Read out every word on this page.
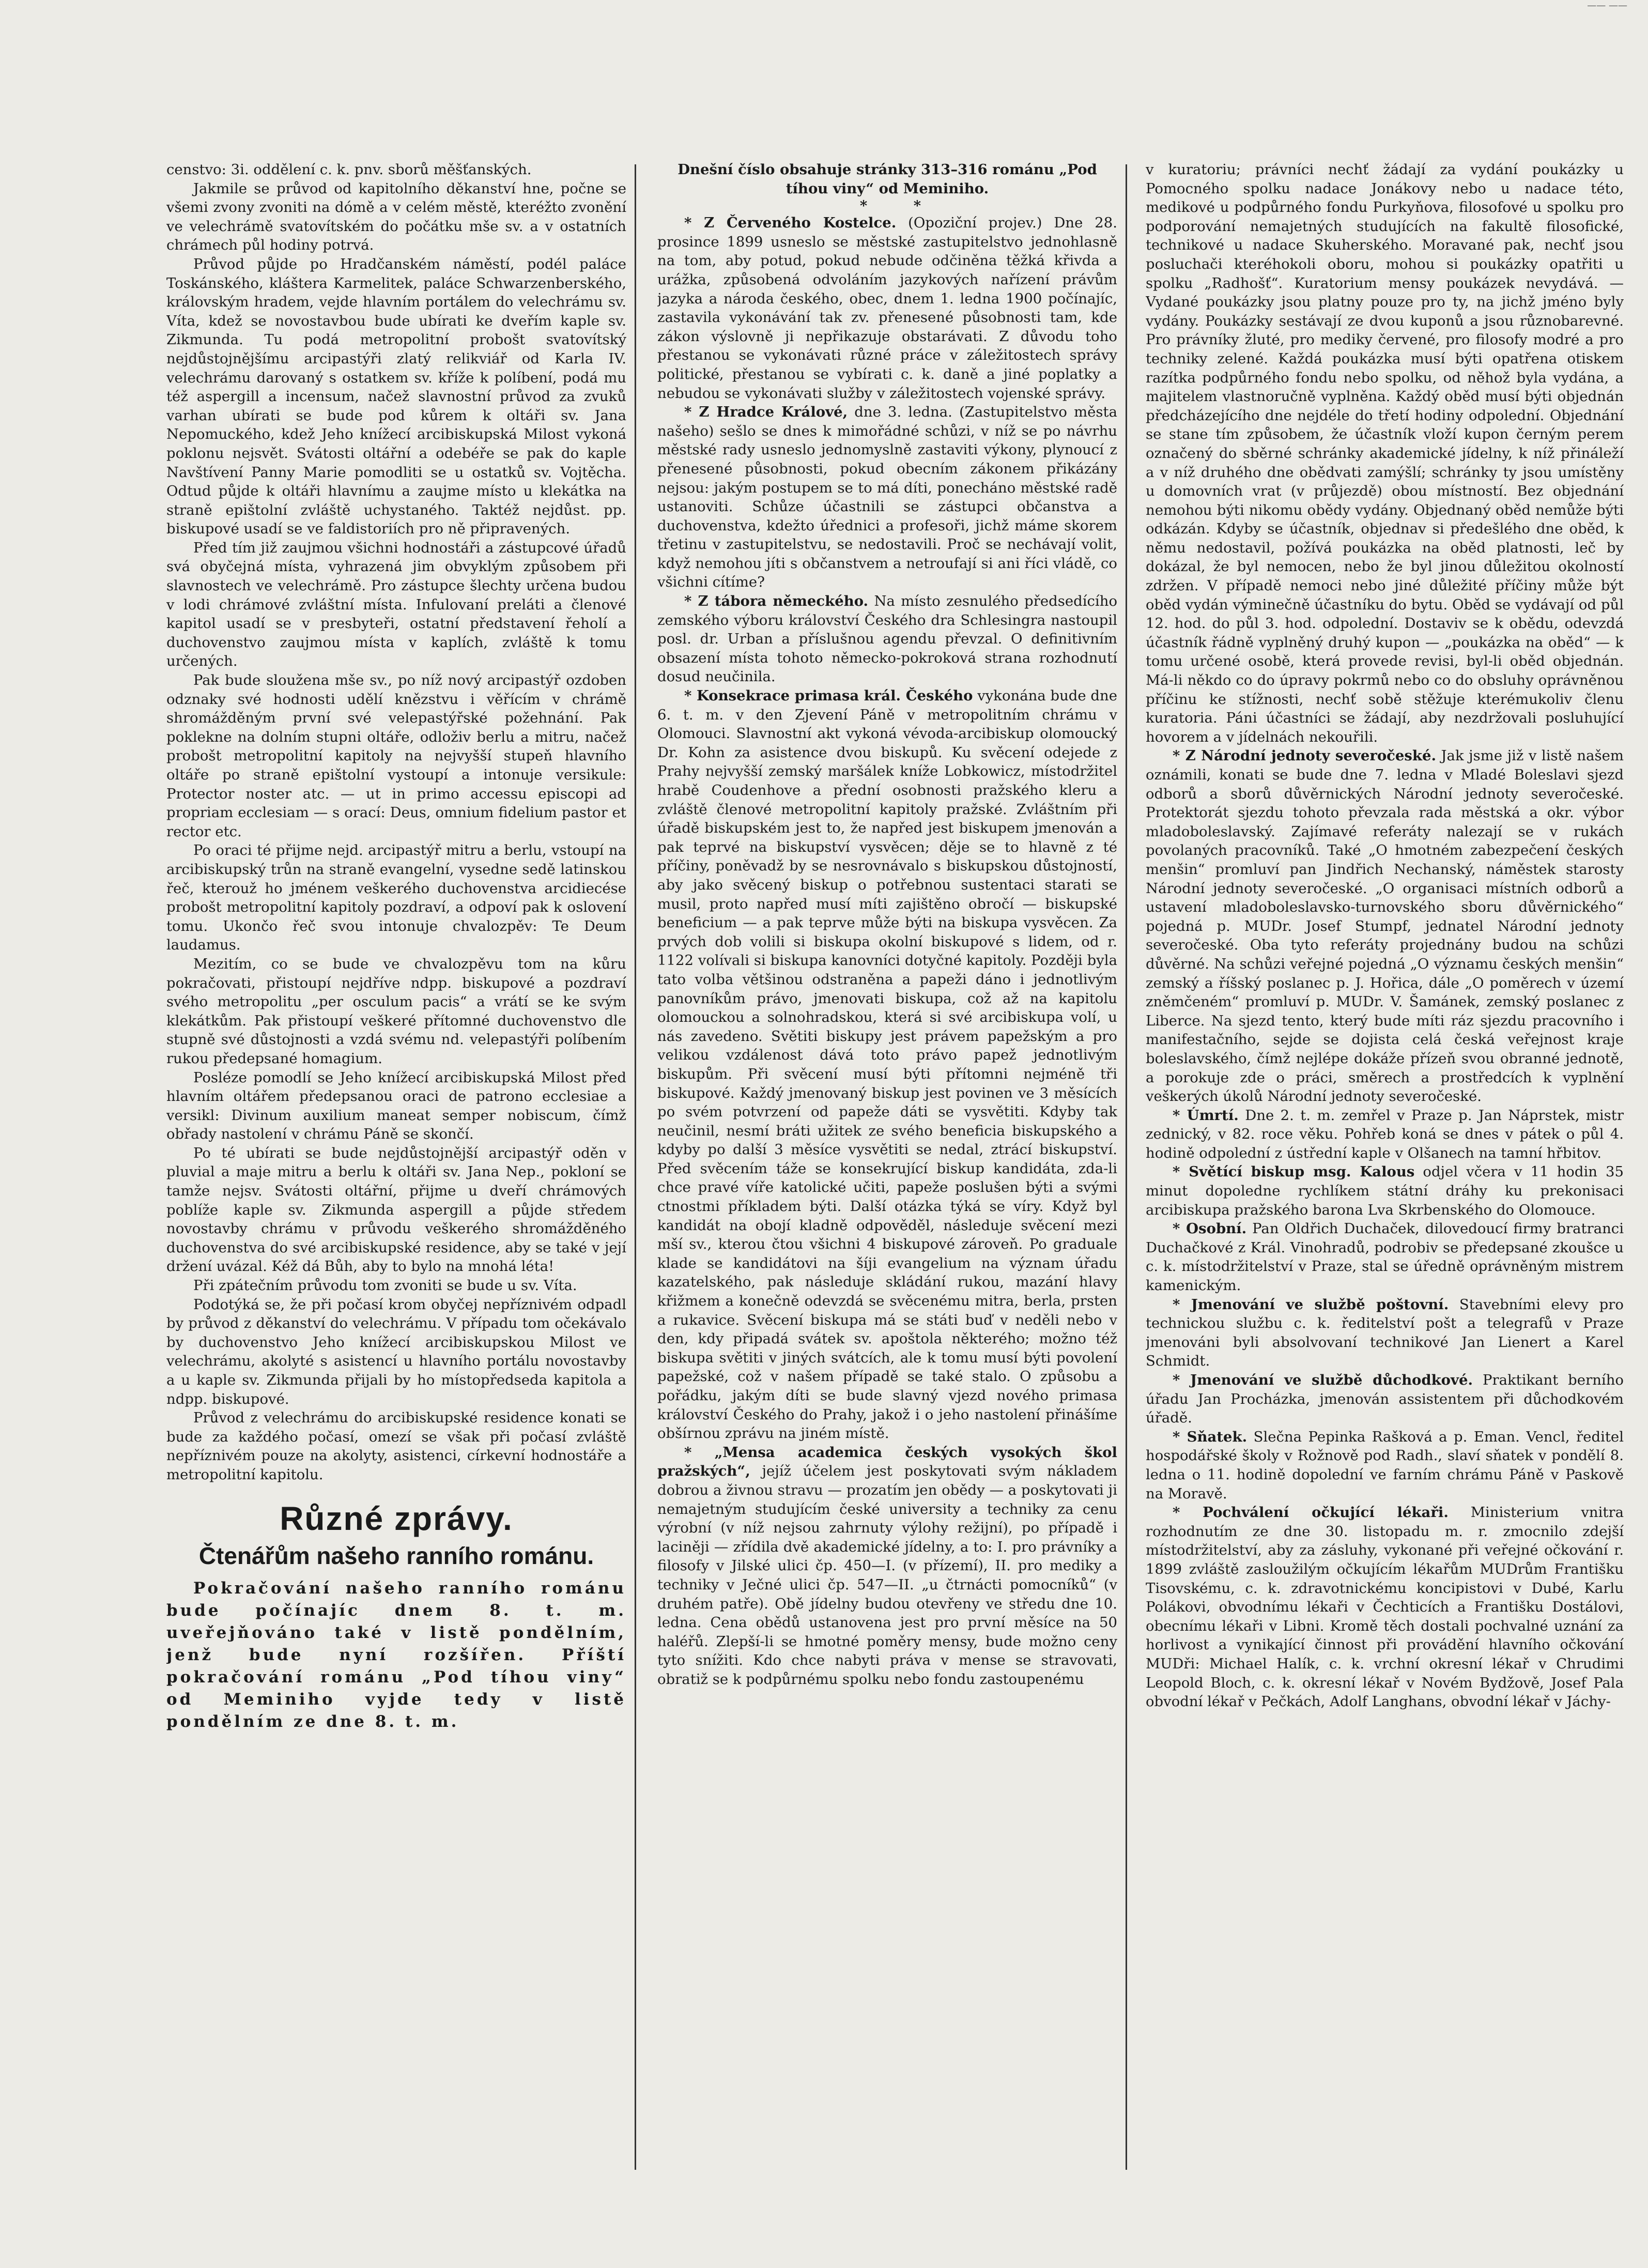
—— ——

censtvo: 3i. oddělení c. k. pnv. sborů měšťanských.

Jakmile se průvod od kapitolního děkanství hne, počne se všemi zvony zvoniti na dómě a v celém městě, kteréžto zvonění ve velechrámě svatovítském do počátku mše sv. a v ostatních chrámech půl hodiny potrvá.

Průvod půjde po Hradčanském náměstí, podél paláce Toskánského, kláštera Karmelitek, paláce Schwarzenberského, královským hradem, vejde hlavním portálem do velechrámu sv. Víta, kdež se novostavbou bude ubírati ke dveřím kaple sv. Zikmunda. Tu podá metropolitní probošt svatovítský nejdůstojnějšímu arcipastýři zlatý relikviář od Karla IV. velechrámu darovaný s ostatkem sv. kříže k políbení, podá mu též aspergill a incensum, načež slavnostní průvod za zvuků varhan ubírati se bude pod kůrem k oltáři sv. Jana Nepomuckého, kdež Jeho knížecí arcibiskupská Milost vykoná poklonu nejsvět. Svátosti oltářní a odebéře se pak do kaple Navštívení Panny Marie pomodliti se u ostatků sv. Vojtěcha. Odtud půjde k oltáři hlavnímu a zaujme místo u klekátka na straně epištolní zvláště uchystaného. Taktéž nejdůst. pp. biskupové usadí se ve faldistoriích pro ně připravených.

Před tím již zaujmou všichni hodnostáři a zástupcové úřadů svá obyčejná místa, vyhrazená jim obvyklým způsobem při slavnostech ve velechrámě. Pro zástupce šlechty určena budou v lodi chrámové zvláštní místa. Infulovaní preláti a členové kapitol usadí se v presbyteři, ostatní představení řeholí a duchovenstvo zaujmou místa v kaplích, zvláště k tomu určených.

Pak bude sloužena mše sv., po níž nový arcipastýř ozdoben odznaky své hodnosti udělí knězstvu i věřícím v chrámě shromážděným první své velepastýřské požehnání. Pak poklekne na dolním stupni oltáře, odloživ berlu a mitru, načež probošt metropolitní kapitoly na nejvyšší stupeň hlavního oltáře po straně epištolní vystoupí a intonuje versikule: Protector noster atc. — ut in primo accessu episcopi ad propriam ecclesiam — s orací: Deus, omnium fidelium pastor et rector etc.

Po oraci té přijme nejd. arcipastýř mitru a berlu, vstoupí na arcibiskupský trůn na straně evangelní, vysedne sedě latinskou řeč, kterouž ho jménem veškerého duchovenstva arcidiecése probošt metropolitní kapitoly pozdraví, a odpoví pak k oslovení tomu. Ukončo řeč svou intonuje chvalozpěv: Te Deum laudamus.

Mezitím, co se bude ve chvalozpěvu tom na kůru pokračovati, přistoupí nejdříve ndpp. biskupové a pozdraví svého metropolitu „per osculum pacis“ a vrátí se ke svým klekátkům. Pak přistoupí veškeré přítomné duchovenstvo dle stupně své důstojnosti a vzdá svému nd. velepastýři políbením rukou předepsané homagium.

Posléze pomodlí se Jeho knížecí arcibiskupská Milost před hlavním oltářem předepsanou oraci de patrono ecclesiae a versikl: Divinum auxilium maneat semper nobiscum, čímž obřady nastolení v chrámu Páně se skončí.

Po té ubírati se bude nejdůstojnější arcipastýř oděn v pluvial a maje mitru a berlu k oltáři sv. Jana Nep., pokloní se tamže nejsv. Svátosti oltářní, přijme u dveří chrámových poblíže kaple sv. Zikmunda aspergill a půjde středem novostavby chrámu v průvodu veškerého shromážděného duchovenstva do své arcibiskupské residence, aby se také v její držení uvázal. Kéž dá Bůh, aby to bylo na mnohá léta!

Při zpátečním průvodu tom zvoniti se bude u sv. Víta.

Podotýká se, že při počasí krom obyčej nepříznivém odpadl by průvod z děkanství do velechrámu. V případu tom očekávalo by duchovenstvo Jeho knížecí arcibiskupskou Milost ve velechrámu, akolyté s asistencí u hlavního portálu novostavby a u kaple sv. Zikmunda přijali by ho místopředseda kapitola a ndpp. biskupové.

Průvod z velechrámu do arcibiskupské residence konati se bude za každého počasí, omezí se však při počasí zvláště nepříznivém pouze na akolyty, asistenci, církevní hodnostáře a metropolitní kapitolu.

Různé zprávy.
Čtenářům našeho ranního románu.

Pokračování našeho ranního románu bude počínajíc dnem 8. t. m. uveřejňováno také v listě pondělním, jenž bude nyní rozšířen. Příští pokračování románu „Pod tíhou viny“ od Meminiho vyjde tedy v listě pondělním ze dne 8. t. m.

Dnešní číslo obsahuje stránky 313–316 románu „Pod tíhou viny“ od Meminiho.

* *

* Z Červeného Kostelce. (Opoziční projev.) Dne 28. prosince 1899 usneslo se městské zastupitelstvo jednohlasně na tom, aby potud, pokud nebude odčiněna těžká křivda a urážka, způsobená odvoláním jazykových nařízení právům jazyka a národa českého, obec, dnem 1. ledna 1900 počínajíc, zastavila vykonávání tak zv. přenesené působnosti tam, kde zákon výslovně ji nepřikazuje obstarávati. Z důvodu toho přestanou se vykonávati různé práce v záležitostech správy politické, přestanou se vybírati c. k. daně a jiné poplatky a nebudou se vykonávati služby v záležitostech vojenské správy.

* Z Hradce Králové, dne 3. ledna. (Zastupitelstvo města našeho) sešlo se dnes k mimořádné schůzi, v níž se po návrhu městské rady usneslo jednomyslně zastaviti výkony, plynoucí z přenesené působnosti, pokud obecním zákonem přikázány nejsou: jakým postupem se to má díti, ponecháno městské radě ustanoviti. Schůze účastnili se zástupci občanstva a duchovenstva, kdežto úřednici a profesoři, jichž máme skorem třetinu v zastupitelstvu, se nedostavili. Proč se nechávají volit, když nemohou jíti s občanstvem a netroufají si ani říci vládě, co všichni cítíme?

* Z tábora německého. Na místo zesnulého předsedícího zemského výboru království Českého dra Schlesingra nastoupil posl. dr. Urban a příslušnou agendu převzal. O definitivním obsazení místa tohoto německo-pokroková strana rozhodnutí dosud neučinila.

* Konsekrace primasa král. Českého vykonána bude dne 6. t. m. v den Zjevení Páně v metropolitním chrámu v Olomouci. Slavnostní akt vykoná vévoda-arcibiskup olomoucký Dr. Kohn za asistence dvou biskupů. Ku svěcení odejede z Prahy nejvyšší zemský maršálek kníže Lobkowicz, místodržitel hrabě Coudenhove a přední osobnosti pražského kleru a zvláště členové metropolitní kapitoly pražské. Zvláštním při úřadě biskupském jest to, že napřed jest biskupem jmenován a pak teprvé na biskupství vysvěcen; děje se to hlavně z té příčiny, poněvadž by se nesrovnávalo s biskupskou důstojností, aby jako svěcený biskup o potřebnou sustentaci starati se musil, proto napřed musí míti zajištěno obročí — biskupské beneficium — a pak teprve může býti na biskupa vysvěcen. Za prvých dob volili si biskupa okolní biskupové s lidem, od r. 1122 volívali si biskupa kanovníci dotyčné kapitoly. Později byla tato volba většinou odstraněna a papeži dáno i jednotlivým panovníkům právo, jmenovati biskupa, což až na kapitolu olomouckou a solnohradskou, která si své arcibiskupa volí, u nás zavedeno. Světiti biskupy jest právem papežským a pro velikou vzdálenost dává toto právo papež jednotlivým biskupům. Při svěcení musí býti přítomni nejméně tři biskupové. Každý jmenovaný biskup jest povinen ve 3 měsících po svém potvrzení od papeže dáti se vysvětiti. Kdyby tak neučinil, nesmí bráti užitek ze svého beneficia biskupského a kdyby po další 3 měsíce vysvětiti se nedal, ztrácí biskupství. Před svěcením táže se konsekrující biskup kandidáta, zda-li chce pravé víře katolické učiti, papeže poslušen býti a svými ctnostmi příkladem býti. Další otázka týká se víry. Když byl kandidát na obojí kladně odpověděl, následuje svěcení mezi mší sv., kterou čtou všichni 4 biskupové zároveň. Po graduale klade se kandidátovi na šíji evangelium na význam úřadu kazatelského, pak následuje skládání rukou, mazání hlavy křižmem a konečně odevzdá se svěcenému mitra, berla, prsten a rukavice. Svěcení biskupa má se státi buď v neděli nebo v den, kdy připadá svátek sv. apoštola některého; možno též biskupa světiti v jiných svátcích, ale k tomu musí býti povolení papežské, což v našem případě se také stalo. O způsobu a pořádku, jakým díti se bude slavný vjezd nového primasa království Českého do Prahy, jakož i o jeho nastolení přinášíme obšírnou zprávu na jiném místě.

* „Mensa academica českých vysokých škol pražských“, jejíž účelem jest poskytovati svým nákladem dobrou a živnou stravu — prozatím jen obědy — a poskytovati ji nemajetným studujícím české university a techniky za cenu výrobní (v níž nejsou zahrnuty výlohy režijní), po případě i laciněji — zřídila dvě akademické jídelny, a to: I. pro právníky a filosofy v Jilské ulici čp. 450—I. (v přízemí), II. pro mediky a techniky v Ječné ulici čp. 547—II. „u čtrnácti pomocníků“ (v druhém patře). Obě jídelny budou otevřeny ve středu dne 10. ledna. Cena obědů ustanovena jest pro první měsíce na 50 haléřů. Zlepší-li se hmotné poměry mensy, bude možno ceny tyto snížiti. Kdo chce nabyti práva v mense se stravovati, obratiž se k podpůrnému spolku nebo fondu zastoupenému

v kuratoriu; právníci nechť žádají za vydání poukázky u Pomocného spolku nadace Jonákovy nebo u nadace této, medikové u podpůrného fondu Purkyňova, filosofové u spolku pro podporování nemajetných studujících na fakultě filosofické, technikové u nadace Skuherského. Moravané pak, nechť jsou posluchači kteréhokoli oboru, mohou si poukázky opatřiti u spolku „Radhošť“. Kuratorium mensy poukázek nevydává. — Vydané poukázky jsou platny pouze pro ty, na jichž jméno byly vydány. Poukázky sestávají ze dvou kuponů a jsou různobarevné. Pro právníky žluté, pro mediky červené, pro filosofy modré a pro techniky zelené. Každá poukázka musí býti opatřena otiskem razítka podpůrného fondu nebo spolku, od něhož byla vydána, a majitelem vlastnoručně vyplněna. Každý oběd musí býti objednán předcházejícího dne nejdéle do třetí hodiny odpolední. Objednání se stane tím způsobem, že účastník vloží kupon černým perem označený do sběrné schránky akademické jídelny, k níž přináleží a v níž druhého dne obědvati zamýšlí; schránky ty jsou umístěny u domovních vrat (v průjezdě) obou místností. Bez objednání nemohou býti nikomu obědy vydány. Objednaný oběd nemůže býti odkázán. Kdyby se účastník, objednav si předešlého dne oběd, k němu nedostavil, požívá poukázka na oběd platnosti, leč by dokázal, že byl nemocen, nebo že byl jinou důležitou okolností zdržen. V případě nemoci nebo jiné důležité příčiny může být oběd vydán výminečně účastníku do bytu. Oběd se vydávají od půl 12. hod. do půl 3. hod. odpolední. Dostaviv se k obědu, odevzdá účastník řádně vyplněný druhý kupon — „poukázka na oběd“ — k tomu určené osobě, která provede revisi, byl-li oběd objednán. Má-li někdo co do úpravy pokrmů nebo co do obsluhy oprávněnou příčinu ke stížnosti, nechť sobě stěžuje kterémukoliv členu kuratoria. Páni účastníci se žádají, aby nezdržovali posluhující hovorem a v jídelnách nekouřili.

* Z Národní jednoty severočeské. Jak jsme již v listě našem oznámili, konati se bude dne 7. ledna v Mladé Boleslavi sjezd odborů a sborů důvěrnických Národní jednoty severočeské. Protektorát sjezdu tohoto převzala rada městská a okr. výbor mladoboleslavský. Zajímavé referáty nalezají se v rukách povolaných pracovníků. Také „O hmotném zabezpečení českých menšin“ promluví pan Jindřich Nechanský, náměstek starosty Národní jednoty severočeské. „O organisaci místních odborů a ustavení mladoboleslavsko-turnovského sboru důvěrnického“ pojedná p. MUDr. Josef Stumpf, jednatel Národní jednoty severočeské. Oba tyto referáty projednány budou na schůzi důvěrné. Na schůzi veřejné pojedná „O významu českých menšin“ zemský a říšský poslanec p. J. Hořica, dále „O poměrech v území zněmčeném“ promluví p. MUDr. V. Šamánek, zemský poslanec z Liberce. Na sjezd tento, který bude míti ráz sjezdu pracovního i manifestačního, sejde se dojista celá česká veřejnost kraje boleslavského, čímž nejlépe dokáže přízeň svou obranné jednotě, a porokuje zde o práci, směrech a prostředcích k vyplnění veškerých úkolů Národní jednoty severočeské.

* Úmrtí. Dne 2. t. m. zemřel v Praze p. Jan Náprstek, mistr zednický, v 82. roce věku. Pohřeb koná se dnes v pátek o půl 4. hodině odpolední z ústřední kaple v Olšanech na tamní hřbitov.

* Světící biskup msg. Kalous odjel včera v 11 hodin 35 minut dopoledne rychlíkem státní dráhy ku prekonisaci arcibiskupa pražského barona Lva Skrbenského do Olomouce.

* Osobní. Pan Oldřich Duchaček, dilovedoucí firmy bratranci Duchačkové z Král. Vinohradů, podrobiv se předepsané zkoušce u c. k. místodržitelství v Praze, stal se úředně oprávněným mistrem kamenickým.

* Jmenování ve službě poštovní. Stavebními elevy pro technickou službu c. k. ředitelství pošt a telegrafů v Praze jmenováni byli absolvovaní technikové Jan Lienert a Karel Schmidt.

* Jmenování ve službě důchodkové. Praktikant berního úřadu Jan Procházka, jmenován assistentem při důchodkovém úřadě.

* Sňatek. Slečna Pepinka Rašková a p. Eman. Vencl, ředitel hospodářské školy v Rožnově pod Radh., slaví sňatek v pondělí 8. ledna o 11. hodině dopolední ve farním chrámu Páně v Paskově na Moravě.

* Pochválení očkující lékaři. Ministerium vnitra rozhodnutím ze dne 30. listopadu m. r. zmocnilo zdejší místodržitelství, aby za zásluhy, vykonané při veřejné očkování r. 1899 zvláště zasloužilým očkujícím lékařům MUDrům Františku Tisovskému, c. k. zdravotnickému koncipistovi v Dubé, Karlu Polákovi, obvodnímu lékaři v Čechticích a Františku Dostálovi, obecnímu lékaři v Libni. Kromě těch dostali pochvalné uznání za horlivost a vynikající činnost při provádění hlavního očkování MUDři: Michael Halík, c. k. vrchní okresní lékař v Chrudimi Leopold Bloch, c. k. okresní lékař v Novém Bydžově, Josef Pala obvodní lékař v Pečkách, Adolf Langhans, obvodní lékař v Jáchy-
